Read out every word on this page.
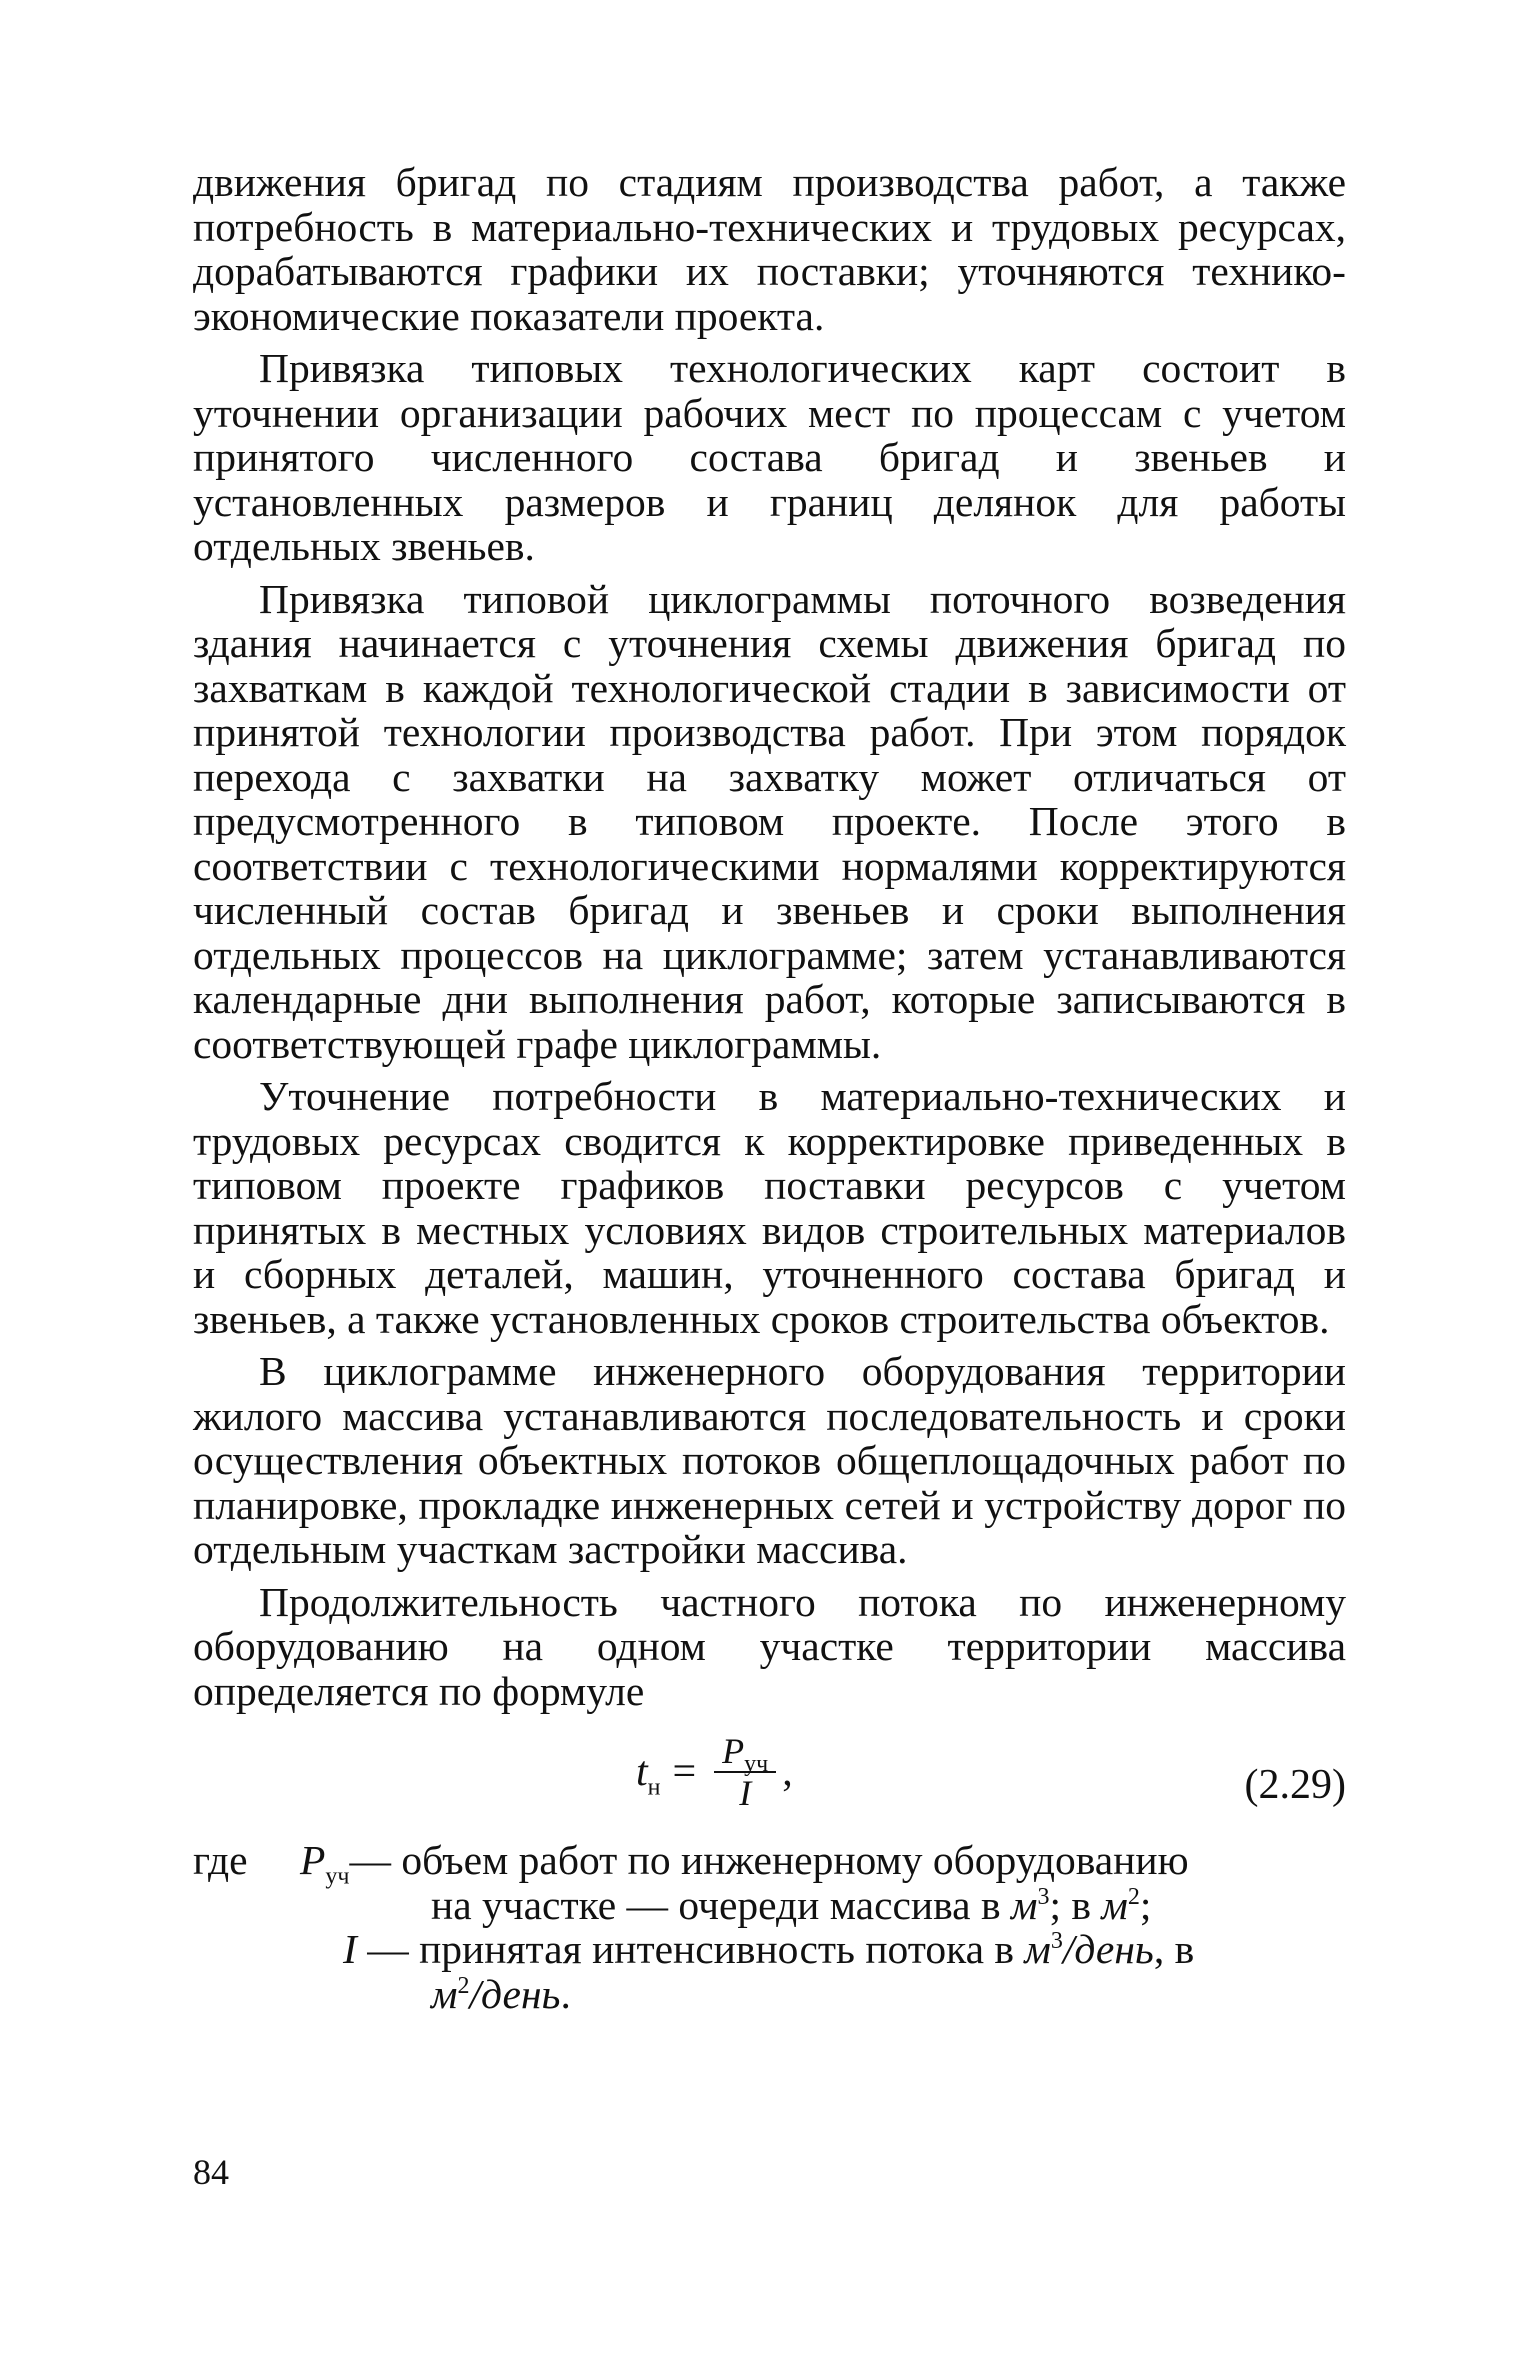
движения бригад по стадиям производства работ, а также потребность в материально-технических и трудовых ресурсах, дорабатываются графики их поставки; уточняются технико-экономические показатели проекта.

Привязка типовых технологических карт состоит в уточнении организации рабочих мест по процессам с учетом принятого численного состава бригад и звеньев и установленных размеров и границ делянок для работы отдельных звеньев.

Привязка типовой циклограммы поточного возведения здания начинается с уточнения схемы движения бригад по захваткам в каждой технологической стадии в зависимости от принятой технологии производства работ. При этом порядок перехода с захватки на захватку может отличаться от предусмотренного в типовом проекте. После этого в соответствии с технологическими нормалями корректируются численный состав бригад и звеньев и сроки выполнения отдельных процессов на циклограмме; затем устанавливаются календарные дни выполнения работ, которые записываются в соответствующей графе циклограммы.

Уточнение потребности в материально-технических и трудовых ресурсах сводится к корректировке приведенных в типовом проекте графиков поставки ресурсов с учетом принятых в местных условиях видов строительных материалов и сборных деталей, машин, уточненного состава бригад и звеньев, а также установленных сроков строительства объектов.

В циклограмме инженерного оборудования территории жилого массива устанавливаются последовательность и сроки осуществления объектных потоков общеплощадочных работ по планировке, прокладке инженерных сетей и устройству дорог по отдельным участкам застройки массива.

Продолжительность частного потока по инженерному оборудованию на одном участке территории массива определяется по формуле

$t_н = \frac{P_{уч}}{I}$ ,	(2.29)
где $P_{уч}—$ объем работ по инженерному оборудованию
на участке — очереди массива в $м^3$; в $м^2$;
I — принятая интенсивность потока в $м^3$/день, в
$м^2$/день.
84
